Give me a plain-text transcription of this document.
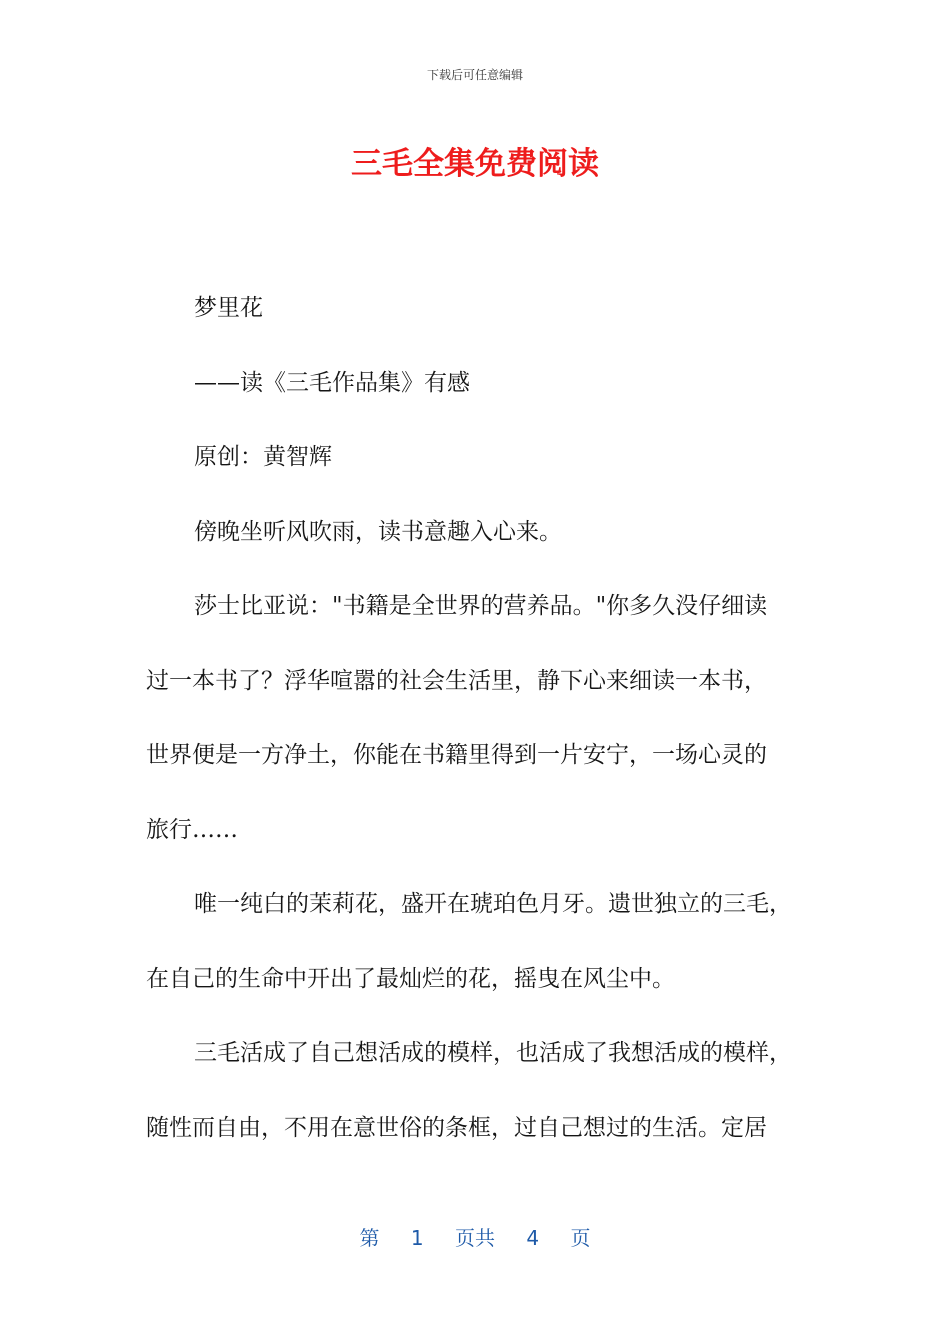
下载后可任意编辑
三毛全集免费阅读

梦里花

——读《三毛作品集》有感

原创：黄智辉

傍晚坐听风吹雨，读书意趣入心来。

莎士比亚说："书籍是全世界的营养品。"你多久没仔细读

过一本书了？浮华喧嚣的社会生活里，静下心来细读一本书，

世界便是一方净土，你能在书籍里得到一片安宁，一场心灵的

旅行……

唯一纯白的茉莉花，盛开在琥珀色月牙。遗世独立的三毛，

在自己的生命中开出了最灿烂的花，摇曳在风尘中。

三毛活成了自己想活成的模样，也活成了我想活成的模样，

随性而自由，不用在意世俗的条框，过自己想过的生活。定居

第 1 页共 4 页
